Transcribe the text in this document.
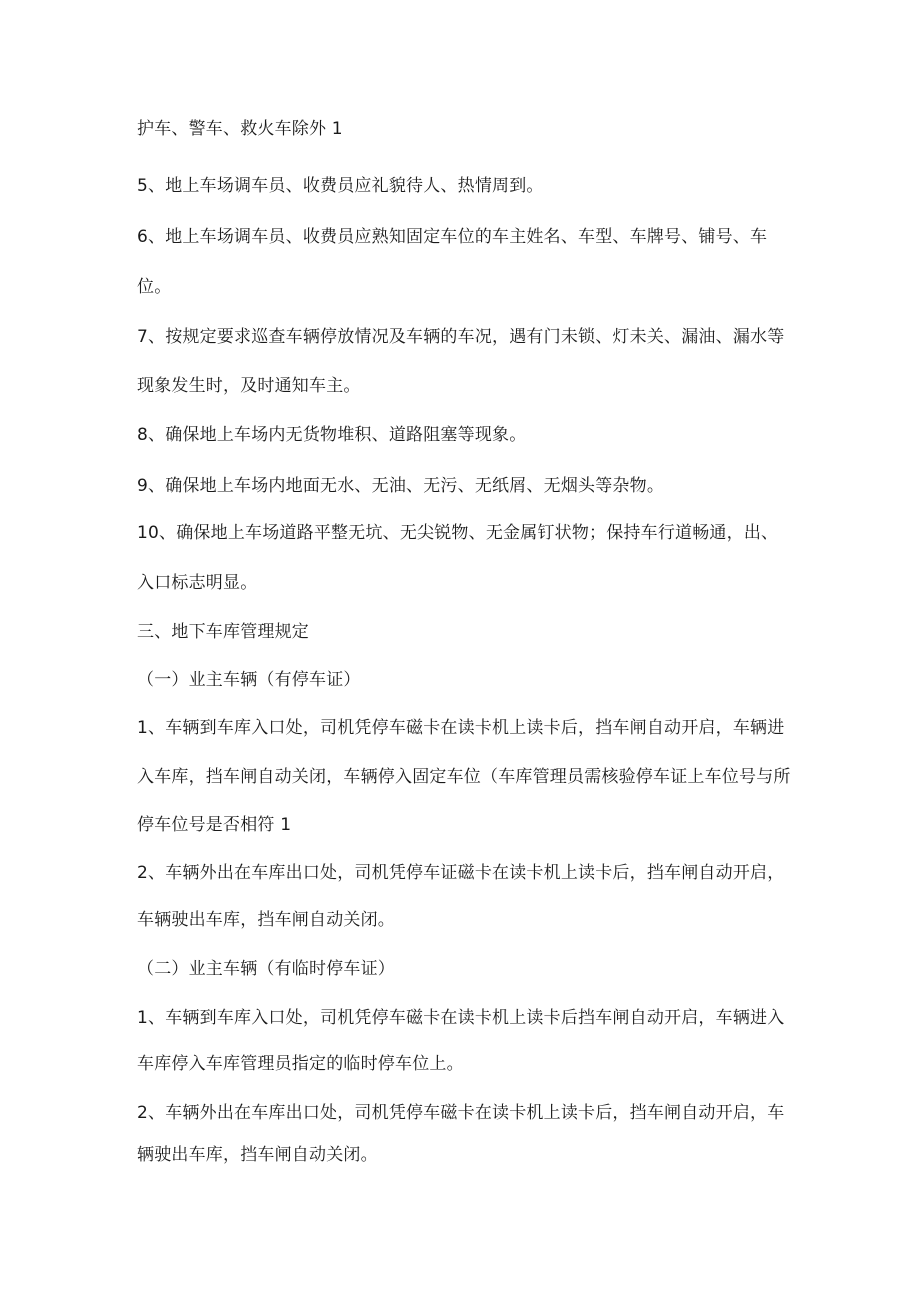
护车、警车、救火车除外 1
5、地上车场调车员、收费员应礼貌待人、热情周到。
6、地上车场调车员、收费员应熟知固定车位的车主姓名、车型、车牌号、铺号、车
位。
7、按规定要求巡查车辆停放情况及车辆的车况，遇有门未锁、灯未关、漏油、漏水等
现象发生时，及时通知车主。
8、确保地上车场内无货物堆积、道路阻塞等现象。
9、确保地上车场内地面无水、无油、无污、无纸屑、无烟头等杂物。
10、确保地上车场道路平整无坑、无尖锐物、无金属钉状物；保持车行道畅通，出、
入口标志明显。
三、地下车库管理规定
（一）业主车辆（有停车证）
1、车辆到车库入口处，司机凭停车磁卡在读卡机上读卡后，挡车闸自动开启，车辆进
入车库，挡车闸自动关闭，车辆停入固定车位（车库管理员需核验停车证上车位号与所
停车位号是否相符 1
2、车辆外出在车库出口处，司机凭停车证磁卡在读卡机上读卡后，挡车闸自动开启，
车辆驶出车库，挡车闸自动关闭。
（二）业主车辆（有临时停车证）
1、车辆到车库入口处，司机凭停车磁卡在读卡机上读卡后挡车闸自动开启，车辆进入
车库停入车库管理员指定的临时停车位上。
2、车辆外出在车库出口处，司机凭停车磁卡在读卡机上读卡后，挡车闸自动开启，车
辆驶出车库，挡车闸自动关闭。
